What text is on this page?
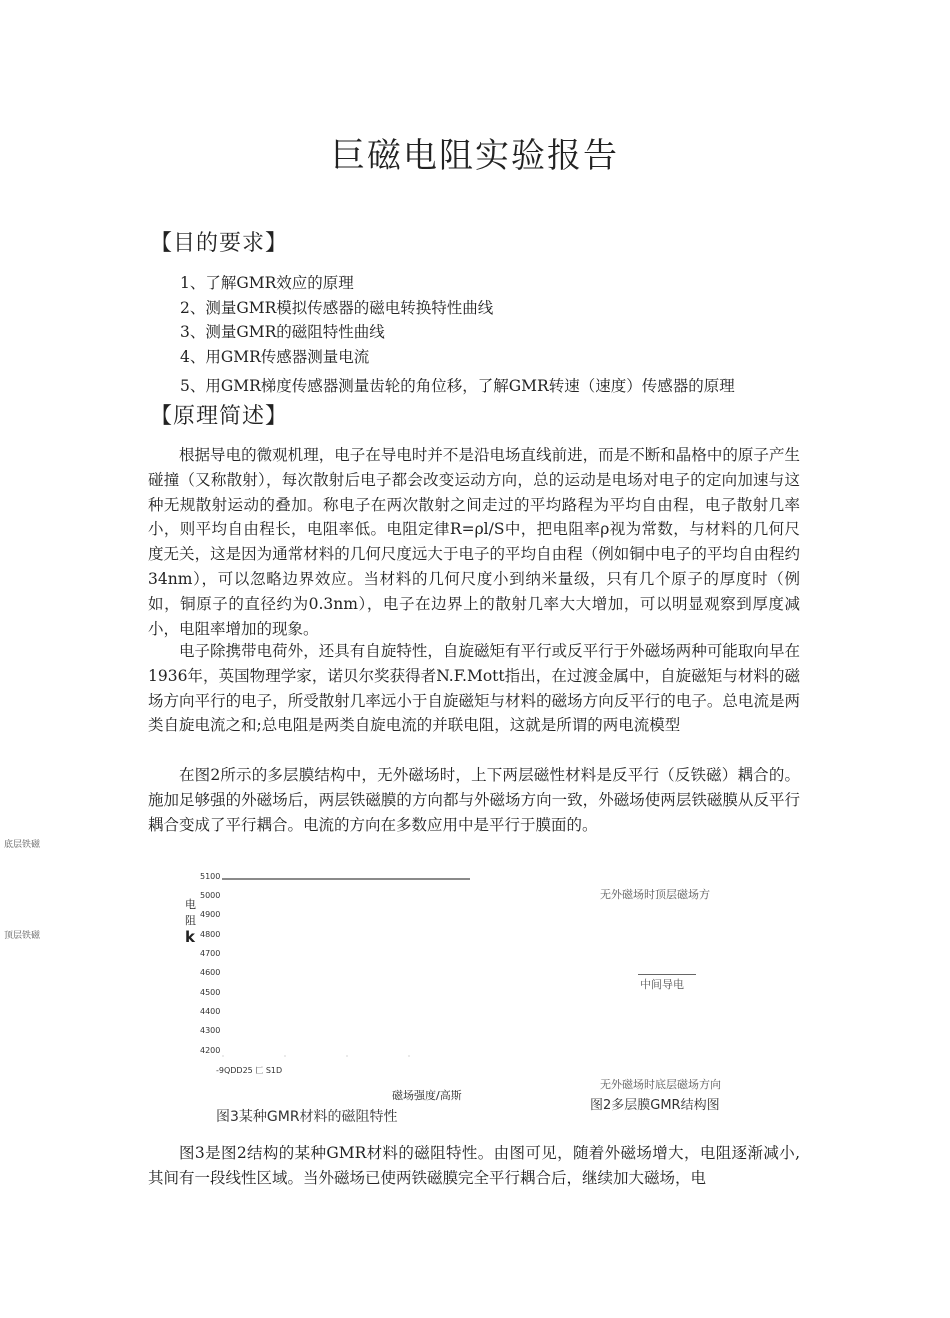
巨磁电阻实验报告
【目的要求】
1、了解GMR效应的原理
2、测量GMR模拟传感器的磁电转换特性曲线
3、测量GMR的磁阻特性曲线
4、用GMR传感器测量电流
5、用GMR梯度传感器测量齿轮的角位移，了解GMR转速（速度）传感器的原理
【原理简述】

根据导电的微观机理，电子在导电时并不是沿电场直线前进，而是不断和晶格中的原子产生碰撞（又称散射），每次散射后电子都会改变运动方向，总的运动是电场对电子的定向加速与这种无规散射运动的叠加。称电子在两次散射之间走过的平均路程为平均自由程，电子散射几率小，则平均自由程长，电阻率低。电阻定律R=ρl/S中，把电阻率ρ视为常数，与材料的几何尺度无关，这是因为通常材料的几何尺度远大于电子的平均自由程（例如铜中电子的平均自由程约34nm），可以忽略边界效应。当材料的几何尺度小到纳米量级，只有几个原子的厚度时（例如，铜原子的直径约为0.3nm），电子在边界上的散射几率大大增加，可以明显观察到厚度减小，电阻率增加的现象。

电子除携带电荷外，还具有自旋特性，自旋磁矩有平行或反平行于外磁场两种可能取向早在1936年，英国物理学家，诺贝尔奖获得者N.F.Mott指出，在过渡金属中，自旋磁矩与材料的磁场方向平行的电子，所受散射几率远小于自旋磁矩与材料的磁场方向反平行的电子。总电流是两类自旋电流之和;总电阻是两类自旋电流的并联电阻，这就是所谓的两电流模型

在图2所示的多层膜结构中，无外磁场时，上下两层磁性材料是反平行（反铁磁）耦合的。施加足够强的外磁场后，两层铁磁膜的方向都与外磁场方向一致，外磁场使两层铁磁膜从反平行耦合变成了平行耦合。电流的方向在多数应用中是平行于膜面的。

底层铁磁
顶层铁磁
5100
5000
4900
4800
4700
4600
4500
4400
4300
4200
电
阻
k
-9QDD25 匚 S1D
磁场强度/高斯
图3某种GMR材料的磁阻特性
无外磁场时顶层磁场方
中间导电
无外磁场时底层磁场方向
图2多层膜GMR结构图

图3是图2结构的某种GMR材料的磁阻特性。由图可见，随着外磁场增大，电阻逐渐减小,其间有一段线性区域。当外磁场已使两铁磁膜完全平行耦合后，继续加大磁场，电
